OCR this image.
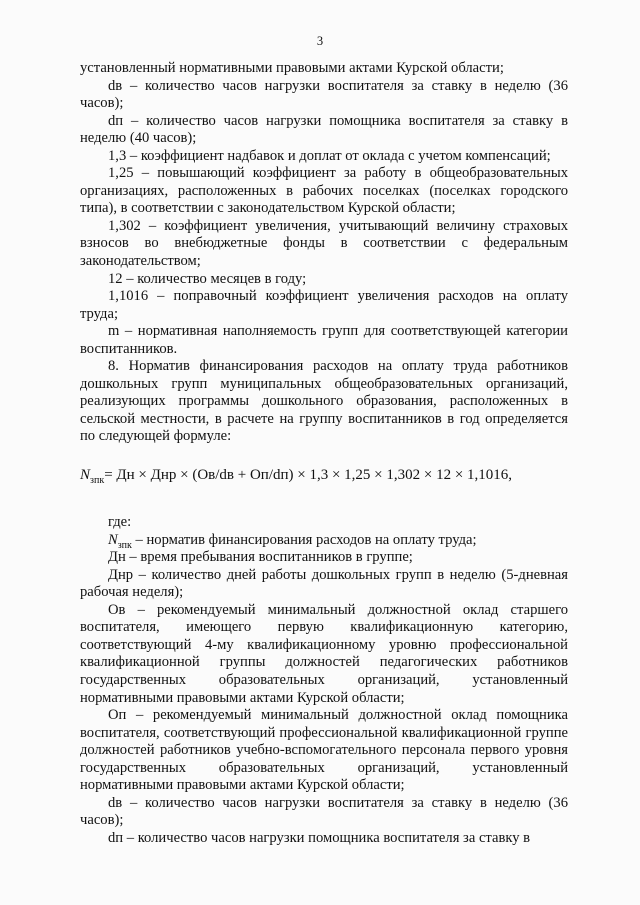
3

установленный нормативными правовыми актами Курской области;

dв – количество часов нагрузки воспитателя за ставку в неделю (36 часов);

dп – количество часов нагрузки помощника воспитателя за ставку в неделю (40 часов);

1,3 – коэффициент надбавок и доплат от оклада с учетом компенсаций;

1,25 – повышающий коэффициент за работу в общеобразовательных организациях, расположенных в рабочих поселках (поселках городского типа), в соответствии с законодательством Курской области;

1,302 – коэффициент увеличения, учитывающий величину страховых взносов во внебюджетные фонды в соответствии с федеральным законодательством;

12 – количество месяцев в году;

1,1016 – поправочный коэффициент увеличения расходов на оплату труда;

m – нормативная наполняемость групп для соответствующей категории воспитанников.

8. Норматив финансирования расходов на оплату труда работников дошкольных групп муниципальных общеобразовательных организаций, реализующих программы дошкольного образования, расположенных в сельской местности, в расчете на группу воспитанников в год определяется по следующей формуле:

$N_{зпк}=$ Дн × Днр × (Ов/dв + Оп/dп) × 1,3 × 1,25 × 1,302 × 12 × 1,1016,

где:

$N_{зпк}$ – норматив финансирования расходов на оплату труда;

Дн – время пребывания воспитанников в группе;

Днр – количество дней работы дошкольных групп в неделю (5-дневная рабочая неделя);

Ов – рекомендуемый минимальный должностной оклад старшего воспитателя, имеющего первую квалификационную категорию, соответствующий 4-му квалификационному уровню профессиональной квалификационной группы должностей педагогических работников государственных образовательных организаций, установленный нормативными правовыми актами Курской области;

Оп – рекомендуемый минимальный должностной оклад помощника воспитателя, соответствующий профессиональной квалификационной группе должностей работников учебно-вспомогательного персонала первого уровня государственных образовательных организаций, установленный нормативными правовыми актами Курской области;

dв – количество часов нагрузки воспитателя за ставку в неделю (36 часов);

dп – количество часов нагрузки помощника воспитателя за ставку в
